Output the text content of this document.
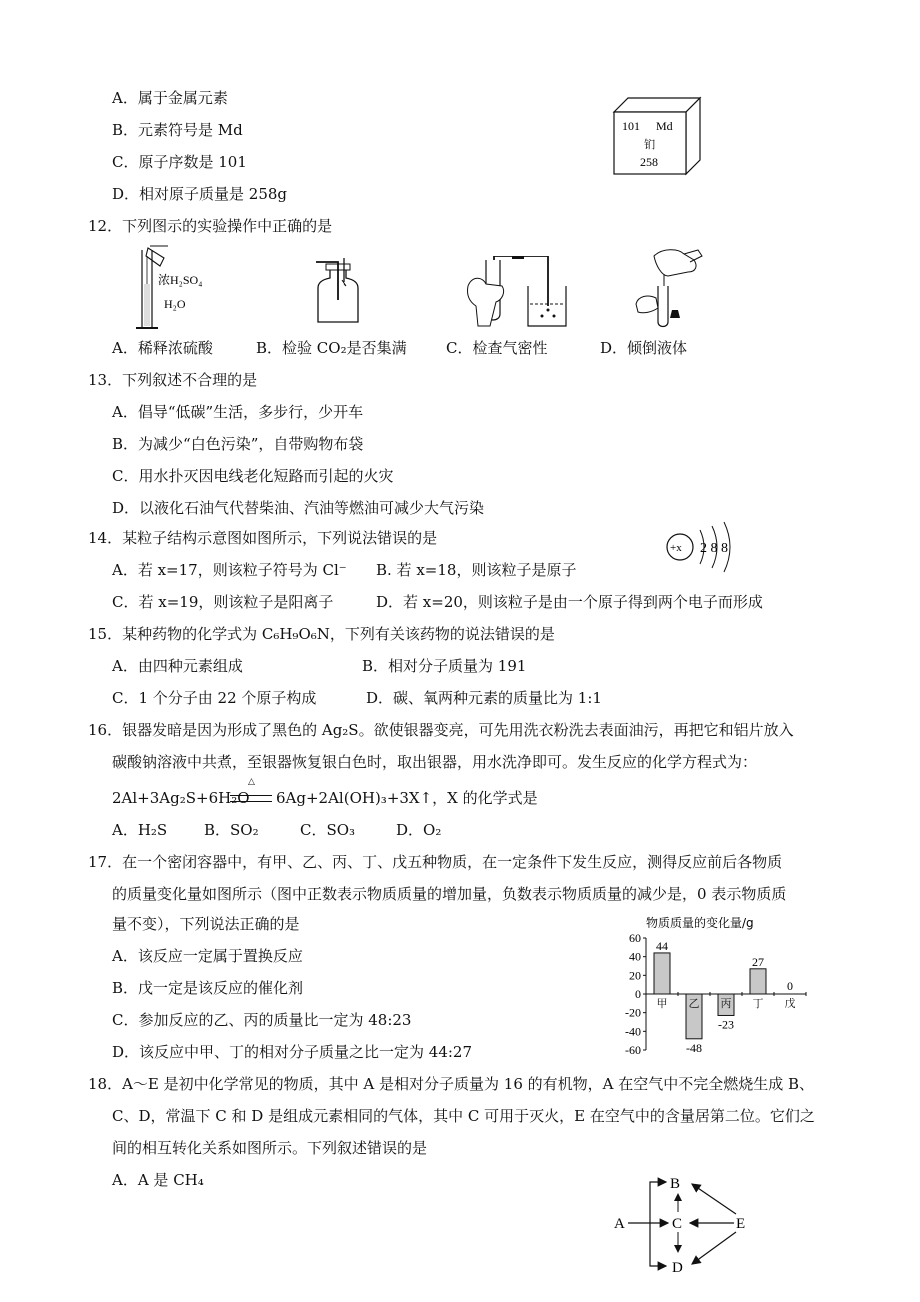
A．属于金属元素
B．元素符号是 Md
C．原子序数是 101
D．相对原子质量是 258g
101 Md
钔
258
12．下列图示的实验操作中正确的是
浓H₂SO₄
H₂O
A．稀释浓硫酸	B．检验 CO₂是否集满	C．检查气密性	D．倾倒液体
13．下列叙述不合理的是
A．倡导“低碳”生活，多步行，少开车
B．为减少“白色污染”，自带购物布袋
C．用水扑灭因电线老化短路而引起的火灾
D．以液化石油气代替柴油、汽油等燃油可减少大气污染
14．某粒子结构示意图如图所示，下列说法错误的是
+x 2 8 8
A．若 x=17，则该粒子符号为 Cl⁻ B. 若 x=18，则该粒子是原子
C．若 x=19，则该粒子是阳离子	D．若 x=20，则该粒子是由一个原子得到两个电子而形成
15．某种药物的化学式为 C₆H₉O₆N，下列有关该药物的说法错误的是
A．由四种元素组成	B．相对分子质量为 191
C．1 个分子由 22 个原子构成	D．碳、氧两种元素的质量比为 1:1
16．银器发暗是因为形成了黑色的 Ag₂S。欲使银器变亮，可先用洗衣粉洗去表面油污，再把它和铝片放入
碳酸钠溶液中共煮，至银器恢复银白色时，取出银器，用水洗净即可。发生反应的化学方程式为：
2Al+3Ag₂S+6H₂O
△
6Ag+2Al(OH)₃+3X↑，X 的化学式是
A．H₂S B．SO₂	C．SO₃	D．O₂
17．在一个密闭容器中，有甲、乙、丙、丁、戊五种物质，在一定条件下发生反应，测得反应前后各物质
的质量变化量如图所示（图中正数表示物质质量的增加量，负数表示物质质量的减少是，0 表示物质质
量不变），下列说法正确的是
A．该反应一定属于置换反应
B．戊一定是该反应的催化剂
C．参加反应的乙、丙的质量比一定为 48:23
D．该反应中甲、丁的相对分子质量之比一定为 44:27
物质质量的变化量/g
60
40
20
0
-20
-40
-60
甲
44
乙
-48
丙
-23
丁
27
戊
0
18．A～E 是初中化学常见的物质，其中 A 是相对分子质量为 16 的有机物，A 在空气中不完全燃烧生成 B、
C、D，常温下 C 和 D 是组成元素相同的气体，其中 C 可用于灭火，E 在空气中的含量居第二位。它们之
间的相互转化关系如图所示。下列叙述错误的是
A．A 是 CH₄
A
B
C
D
E
